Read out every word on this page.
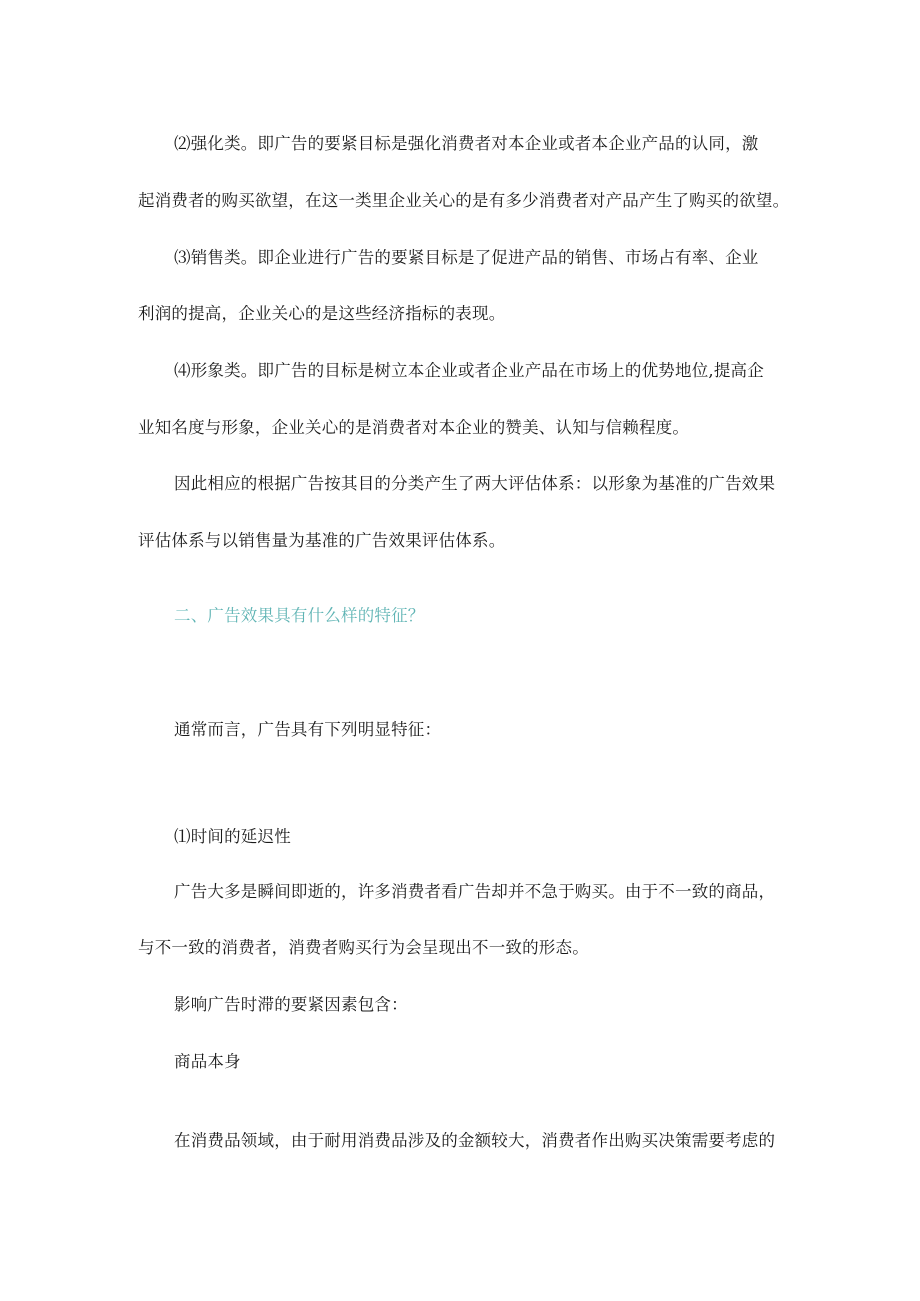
⑵强化类。即广告的要紧目标是强化消费者对本企业或者本企业产品的认同，激

起消费者的购买欲望，在这一类里企业关心的是有多少消费者对产品产生了购买的欲望。

⑶销售类。即企业进行广告的要紧目标是了促进产品的销售、市场占有率、企业

利润的提高，企业关心的是这些经济指标的表现。

⑷形象类。即广告的目标是树立本企业或者企业产品在市场上的优势地位,提高企

业知名度与形象，企业关心的是消费者对本企业的赞美、认知与信赖程度。

因此相应的根据广告按其目的分类产生了两大评估体系：以形象为基准的广告效果

评估体系与以销售量为基准的广告效果评估体系。

二、广告效果具有什么样的特征？

通常而言，广告具有下列明显特征：

⑴时间的延迟性

广告大多是瞬间即逝的，许多消费者看广告却并不急于购买。由于不一致的商品，

与不一致的消费者，消费者购买行为会呈现出不一致的形态。

影响广告时滞的要紧因素包含：

商品本身

在消费品领域，由于耐用消费品涉及的金额较大，消费者作出购买决策需要考虑的
